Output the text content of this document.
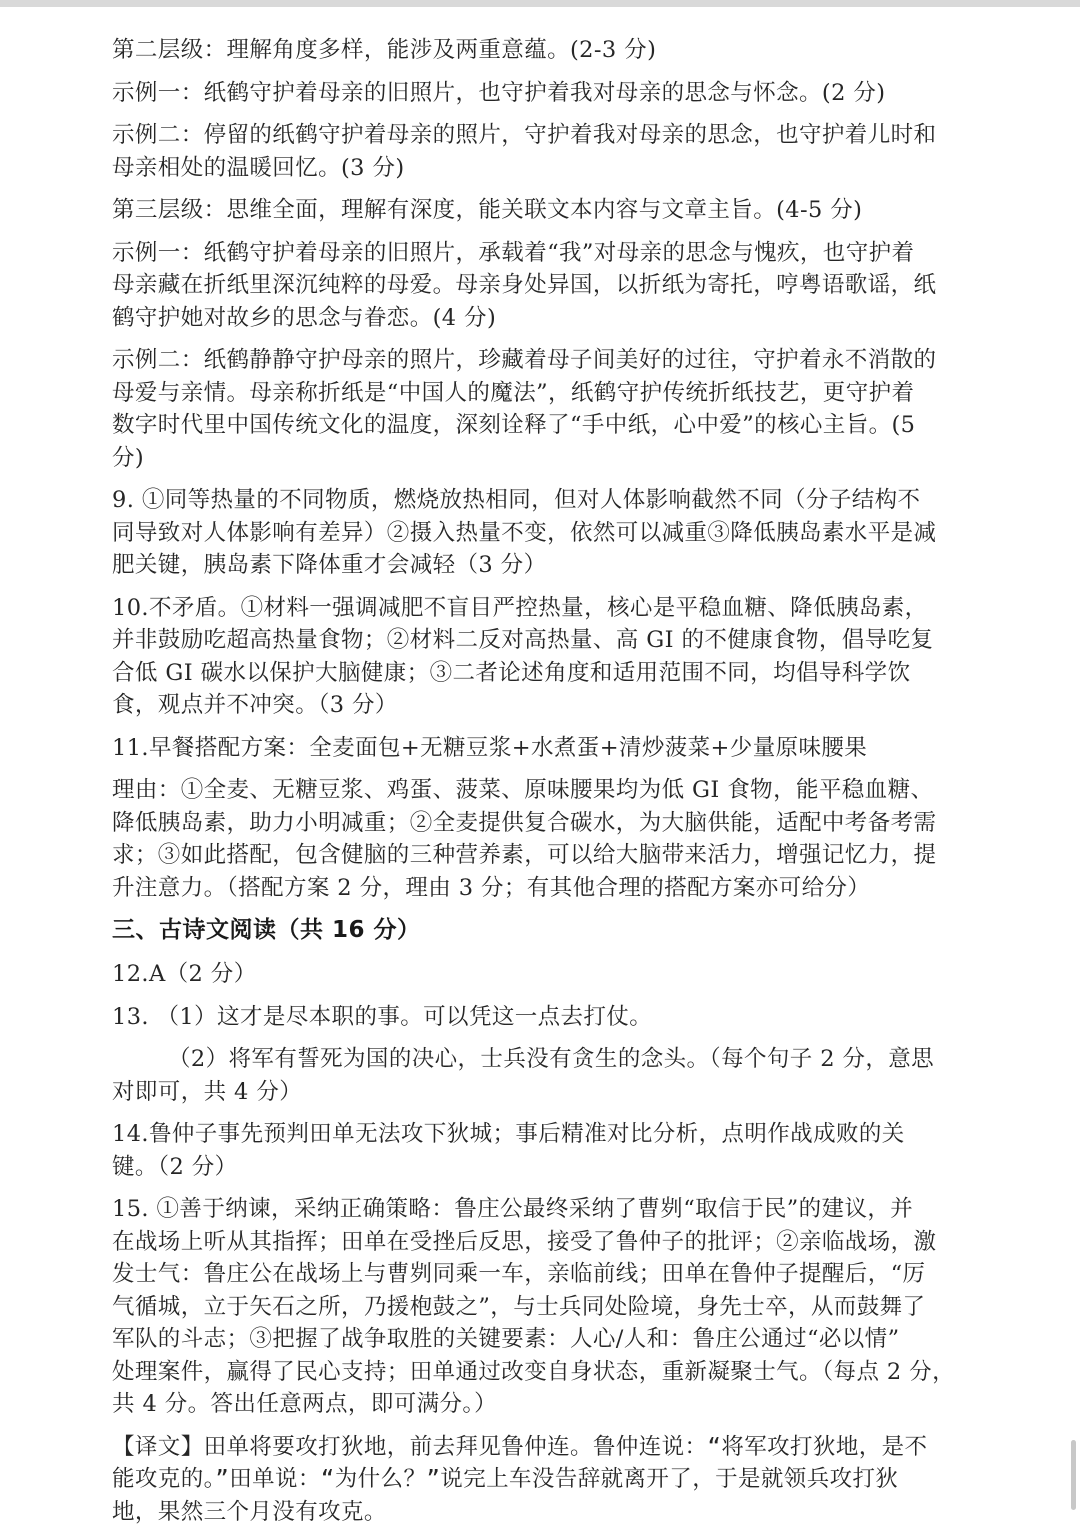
第二层级：理解角度多样，能涉及两重意蕴。(2-3 分)
示例一：纸鹤守护着母亲的旧照片，也守护着我对母亲的思念与怀念。(2 分)
示例二：停留的纸鹤守护着母亲的照片，守护着我对母亲的思念，也守护着儿时和
母亲相处的温暖回忆。(3 分)
第三层级：思维全面，理解有深度，能关联文本内容与文章主旨。(4-5 分)
示例一：纸鹤守护着母亲的旧照片，承载着“我”对母亲的思念与愧疚，也守护着
母亲藏在折纸里深沉纯粹的母爱。母亲身处异国，以折纸为寄托，哼粤语歌谣，纸
鹤守护她对故乡的思念与眷恋。(4 分)
示例二：纸鹤静静守护母亲的照片，珍藏着母子间美好的过往，守护着永不消散的
母爱与亲情。母亲称折纸是“中国人的魔法”，纸鹤守护传统折纸技艺，更守护着
数字时代里中国传统文化的温度，深刻诠释了“手中纸，心中爱”的核心主旨。(5
分)
9. ①同等热量的不同物质，燃烧放热相同，但对人体影响截然不同（分子结构不
同导致对人体影响有差异）②摄入热量不变，依然可以减重③降低胰岛素水平是减
肥关键，胰岛素下降体重才会减轻（3 分）
10.不矛盾。①材料一强调减肥不盲目严控热量，核心是平稳血糖、降低胰岛素，
并非鼓励吃超高热量食物；②材料二反对高热量、高 GI 的不健康食物，倡导吃复
合低 GI 碳水以保护大脑健康；③二者论述角度和适用范围不同，均倡导科学饮
食，观点并不冲突。（3 分）
11.早餐搭配方案：全麦面包+无糖豆浆+水煮蛋+清炒菠菜+少量原味腰果
理由：①全麦、无糖豆浆、鸡蛋、菠菜、原味腰果均为低 GI 食物，能平稳血糖、
降低胰岛素，助力小明减重；②全麦提供复合碳水，为大脑供能，适配中考备考需
求；③如此搭配，包含健脑的三种营养素，可以给大脑带来活力，增强记忆力，提
升注意力。（搭配方案 2 分，理由 3 分；有其他合理的搭配方案亦可给分）
三、古诗文阅读（共 16 分）
12.A（2 分）
13. （1）这才是尽本职的事。可以凭这一点去打仗。
（2）将军有誓死为国的决心，士兵没有贪生的念头。（每个句子 2 分，意思
对即可，共 4 分）
14.鲁仲子事先预判田单无法攻下狄城；事后精准对比分析，点明作战成败的关
键。（2 分）
15. ①善于纳谏，采纳正确策略：鲁庄公最终采纳了曹刿“取信于民”的建议，并
在战场上听从其指挥；田单在受挫后反思，接受了鲁仲子的批评；②亲临战场，激
发士气：鲁庄公在战场上与曹刿同乘一车，亲临前线；田单在鲁仲子提醒后，“厉
气循城，立于矢石之所，乃援枹鼓之”，与士兵同处险境，身先士卒，从而鼓舞了
军队的斗志；③把握了战争取胜的关键要素：人心/人和：鲁庄公通过“必以情”
处理案件，赢得了民心支持；田单通过改变自身状态，重新凝聚士气。（每点 2 分，
共 4 分。答出任意两点，即可满分。）
【译文】田单将要攻打狄地，前去拜见鲁仲连。鲁仲连说：“将军攻打狄地，是不
能攻克的。”田单说：“为什么？”说完上车没告辞就离开了，于是就领兵攻打狄
地，果然三个月没有攻克。
